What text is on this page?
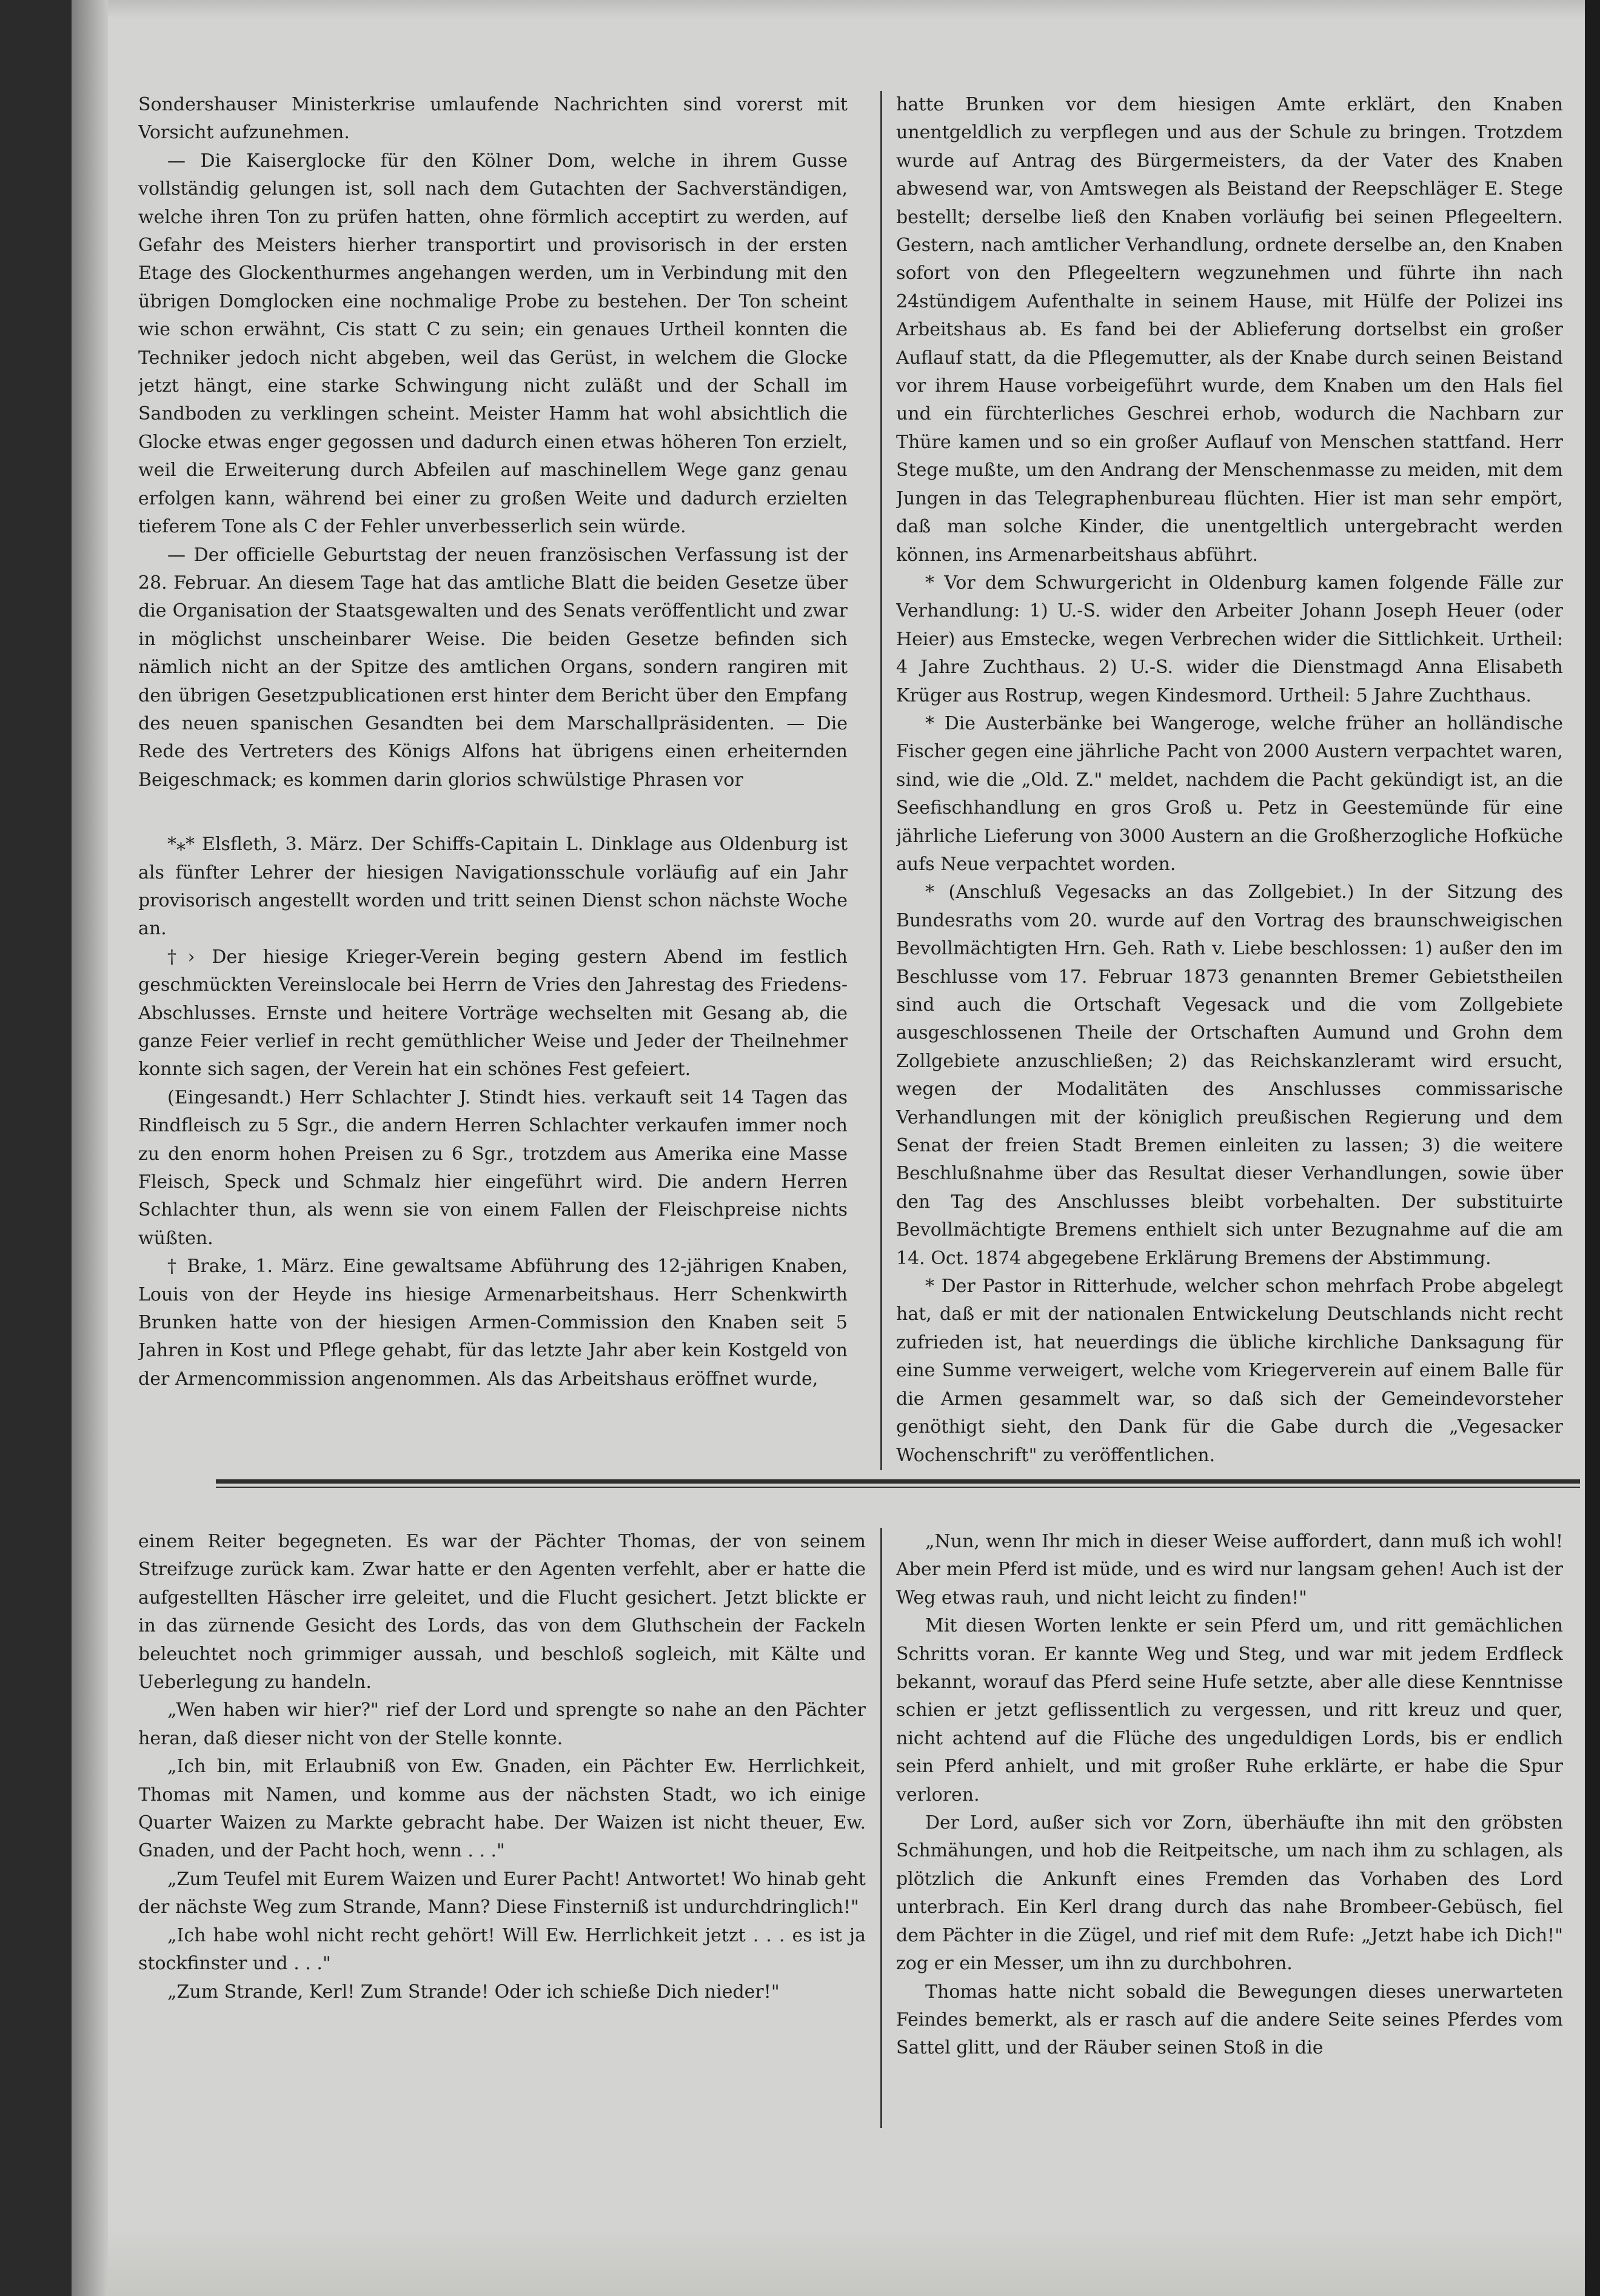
Sondershauser Ministerkrise umlaufende Nachrichten sind vorerst mit Vorsicht aufzunehmen.

— Die Kaiserglocke für den Kölner Dom, welche in ihrem Gusse vollständig gelungen ist, soll nach dem Gutachten der Sachverständigen, welche ihren Ton zu prüfen hatten, ohne förmlich acceptirt zu werden, auf Gefahr des Meisters hierher transportirt und provisorisch in der ersten Etage des Glockenthurmes angehangen werden, um in Verbindung mit den übrigen Domglocken eine nochmalige Probe zu bestehen. Der Ton scheint wie schon erwähnt, Cis statt C zu sein; ein genaues Urtheil konnten die Techniker jedoch nicht abgeben, weil das Gerüst, in welchem die Glocke jetzt hängt, eine starke Schwingung nicht zuläßt und der Schall im Sandboden zu verklingen scheint. Meister Hamm hat wohl absichtlich die Glocke etwas enger gegossen und dadurch einen etwas höheren Ton erzielt, weil die Erweiterung durch Abfeilen auf maschinellem Wege ganz genau erfolgen kann, während bei einer zu großen Weite und dadurch erzielten tieferem Tone als C der Fehler unverbesserlich sein würde.

— Der officielle Geburtstag der neuen französischen Verfassung ist der 28. Februar. An diesem Tage hat das amtliche Blatt die beiden Gesetze über die Organisation der Staatsgewalten und des Senats veröffentlicht und zwar in möglichst unscheinbarer Weise. Die beiden Gesetze befinden sich nämlich nicht an der Spitze des amtlichen Organs, sondern rangiren mit den übrigen Gesetzpublicationen erst hinter dem Bericht über den Empfang des neuen spanischen Gesandten bei dem Marschallpräsidenten. — Die Rede des Vertreters des Königs Alfons hat übrigens einen erheiternden Beigeschmack; es kommen darin glorios schwülstige Phrasen vor

*⁎* Elsfleth, 3. März. Der Schiffs-Capitain L. Dinklage aus Oldenburg ist als fünfter Lehrer der hiesigen Navigationsschule vorläufig auf ein Jahr provisorisch angestellt worden und tritt seinen Dienst schon nächste Woche an.

†› Der hiesige Krieger-Verein beging gestern Abend im festlich geschmückten Vereinslocale bei Herrn de Vries den Jahrestag des Friedens-Abschlusses. Ernste und heitere Vorträge wechselten mit Gesang ab, die ganze Feier verlief in recht gemüthlicher Weise und Jeder der Theilnehmer konnte sich sagen, der Verein hat ein schönes Fest gefeiert.

(Eingesandt.) Herr Schlachter J. Stindt hies. verkauft seit 14 Tagen das Rindfleisch zu 5 Sgr., die andern Herren Schlachter verkaufen immer noch zu den enorm hohen Preisen zu 6 Sgr., trotzdem aus Amerika eine Masse Fleisch, Speck und Schmalz hier eingeführt wird. Die andern Herren Schlachter thun, als wenn sie von einem Fallen der Fleischpreise nichts wüßten.

† Brake, 1. März. Eine gewaltsame Abführung des 12-jährigen Knaben, Louis von der Heyde ins hiesige Armenarbeitshaus. Herr Schenkwirth Brunken hatte von der hiesigen Armen-Commission den Knaben seit 5 Jahren in Kost und Pflege gehabt, für das letzte Jahr aber kein Kostgeld von der Armencommission angenommen. Als das Arbeitshaus eröffnet wurde,

hatte Brunken vor dem hiesigen Amte erklärt, den Knaben unentgeldlich zu verpflegen und aus der Schule zu bringen. Trotzdem wurde auf Antrag des Bürgermeisters, da der Vater des Knaben abwesend war, von Amtswegen als Beistand der Reepschläger E. Stege bestellt; derselbe ließ den Knaben vorläufig bei seinen Pflegeeltern. Gestern, nach amtlicher Verhandlung, ordnete derselbe an, den Knaben sofort von den Pflegeeltern wegzunehmen und führte ihn nach 24stündigem Aufenthalte in seinem Hause, mit Hülfe der Polizei ins Arbeitshaus ab. Es fand bei der Ablieferung dortselbst ein großer Auflauf statt, da die Pflegemutter, als der Knabe durch seinen Beistand vor ihrem Hause vorbeigeführt wurde, dem Knaben um den Hals fiel und ein fürchterliches Geschrei erhob, wodurch die Nachbarn zur Thüre kamen und so ein großer Auflauf von Menschen stattfand. Herr Stege mußte, um den Andrang der Menschenmasse zu meiden, mit dem Jungen in das Telegraphenbureau flüchten. Hier ist man sehr empört, daß man solche Kinder, die unentgeltlich untergebracht werden können, ins Armenarbeitshaus abführt.

* Vor dem Schwurgericht in Oldenburg kamen folgende Fälle zur Verhandlung: 1) U.-S. wider den Arbeiter Johann Joseph Heuer (oder Heier) aus Emstecke, wegen Verbrechen wider die Sittlichkeit. Urtheil: 4 Jahre Zuchthaus. 2) U.-S. wider die Dienstmagd Anna Elisabeth Krüger aus Rostrup, wegen Kindesmord. Urtheil: 5 Jahre Zuchthaus.

* Die Austerbänke bei Wangeroge, welche früher an holländische Fischer gegen eine jährliche Pacht von 2000 Austern verpachtet waren, sind, wie die „Old. Z." meldet, nachdem die Pacht gekündigt ist, an die Seefischhandlung en gros Groß u. Petz in Geestemünde für eine jährliche Lieferung von 3000 Austern an die Großherzogliche Hofküche aufs Neue verpachtet worden.

* (Anschluß Vegesacks an das Zollgebiet.) In der Sitzung des Bundesraths vom 20. wurde auf den Vortrag des braunschweigischen Bevollmächtigten Hrn. Geh. Rath v. Liebe beschlossen: 1) außer den im Beschlusse vom 17. Februar 1873 genannten Bremer Gebietstheilen sind auch die Ortschaft Vegesack und die vom Zollgebiete ausgeschlossenen Theile der Ortschaften Aumund und Grohn dem Zollgebiete anzuschließen; 2) das Reichskanzleramt wird ersucht, wegen der Modalitäten des Anschlusses commissarische Verhandlungen mit der königlich preußischen Regierung und dem Senat der freien Stadt Bremen einleiten zu lassen; 3) die weitere Beschlußnahme über das Resultat dieser Verhandlungen, sowie über den Tag des Anschlusses bleibt vorbehalten. Der substituirte Bevollmächtigte Bremens enthielt sich unter Bezugnahme auf die am 14. Oct. 1874 abgegebene Erklärung Bremens der Abstimmung.

* Der Pastor in Ritterhude, welcher schon mehrfach Probe abgelegt hat, daß er mit der nationalen Entwickelung Deutschlands nicht recht zufrieden ist, hat neuerdings die übliche kirchliche Danksagung für eine Summe verweigert, welche vom Kriegerverein auf einem Balle für die Armen gesammelt war, so daß sich der Gemeindevorsteher genöthigt sieht, den Dank für die Gabe durch die „Vegesacker Wochenschrift" zu veröffentlichen.

einem Reiter begegneten. Es war der Pächter Thomas, der von seinem Streifzuge zurück kam. Zwar hatte er den Agenten verfehlt, aber er hatte die aufgestellten Häscher irre geleitet, und die Flucht gesichert. Jetzt blickte er in das zürnende Gesicht des Lords, das von dem Gluthschein der Fackeln beleuchtet noch grimmiger aussah, und beschloß sogleich, mit Kälte und Ueberlegung zu handeln.

„Wen haben wir hier?" rief der Lord und sprengte so nahe an den Pächter heran, daß dieser nicht von der Stelle konnte.

„Ich bin, mit Erlaubniß von Ew. Gnaden, ein Pächter Ew. Herrlichkeit, Thomas mit Namen, und komme aus der nächsten Stadt, wo ich einige Quarter Waizen zu Markte gebracht habe. Der Waizen ist nicht theuer, Ew. Gnaden, und der Pacht hoch, wenn . . ."

„Zum Teufel mit Eurem Waizen und Eurer Pacht! Antwortet! Wo hinab geht der nächste Weg zum Strande, Mann? Diese Finsterniß ist undurchdringlich!"

„Ich habe wohl nicht recht gehört! Will Ew. Herrlichkeit jetzt . . . es ist ja stockfinster und . . ."

„Zum Strande, Kerl! Zum Strande! Oder ich schieße Dich nieder!"

„Nun, wenn Ihr mich in dieser Weise auffordert, dann muß ich wohl! Aber mein Pferd ist müde, und es wird nur langsam gehen! Auch ist der Weg etwas rauh, und nicht leicht zu finden!"

Mit diesen Worten lenkte er sein Pferd um, und ritt gemächlichen Schritts voran. Er kannte Weg und Steg, und war mit jedem Erdfleck bekannt, worauf das Pferd seine Hufe setzte, aber alle diese Kenntnisse schien er jetzt geflissentlich zu vergessen, und ritt kreuz und quer, nicht achtend auf die Flüche des ungeduldigen Lords, bis er endlich sein Pferd anhielt, und mit großer Ruhe erklärte, er habe die Spur verloren.

Der Lord, außer sich vor Zorn, überhäufte ihn mit den gröbsten Schmähungen, und hob die Reitpeitsche, um nach ihm zu schlagen, als plötzlich die Ankunft eines Fremden das Vorhaben des Lord unterbrach. Ein Kerl drang durch das nahe Brombeer-Gebüsch, fiel dem Pächter in die Zügel, und rief mit dem Rufe: „Jetzt habe ich Dich!" zog er ein Messer, um ihn zu durchbohren.

Thomas hatte nicht sobald die Bewegungen dieses unerwarteten Feindes bemerkt, als er rasch auf die andere Seite seines Pferdes vom Sattel glitt, und der Räuber seinen Stoß in die
